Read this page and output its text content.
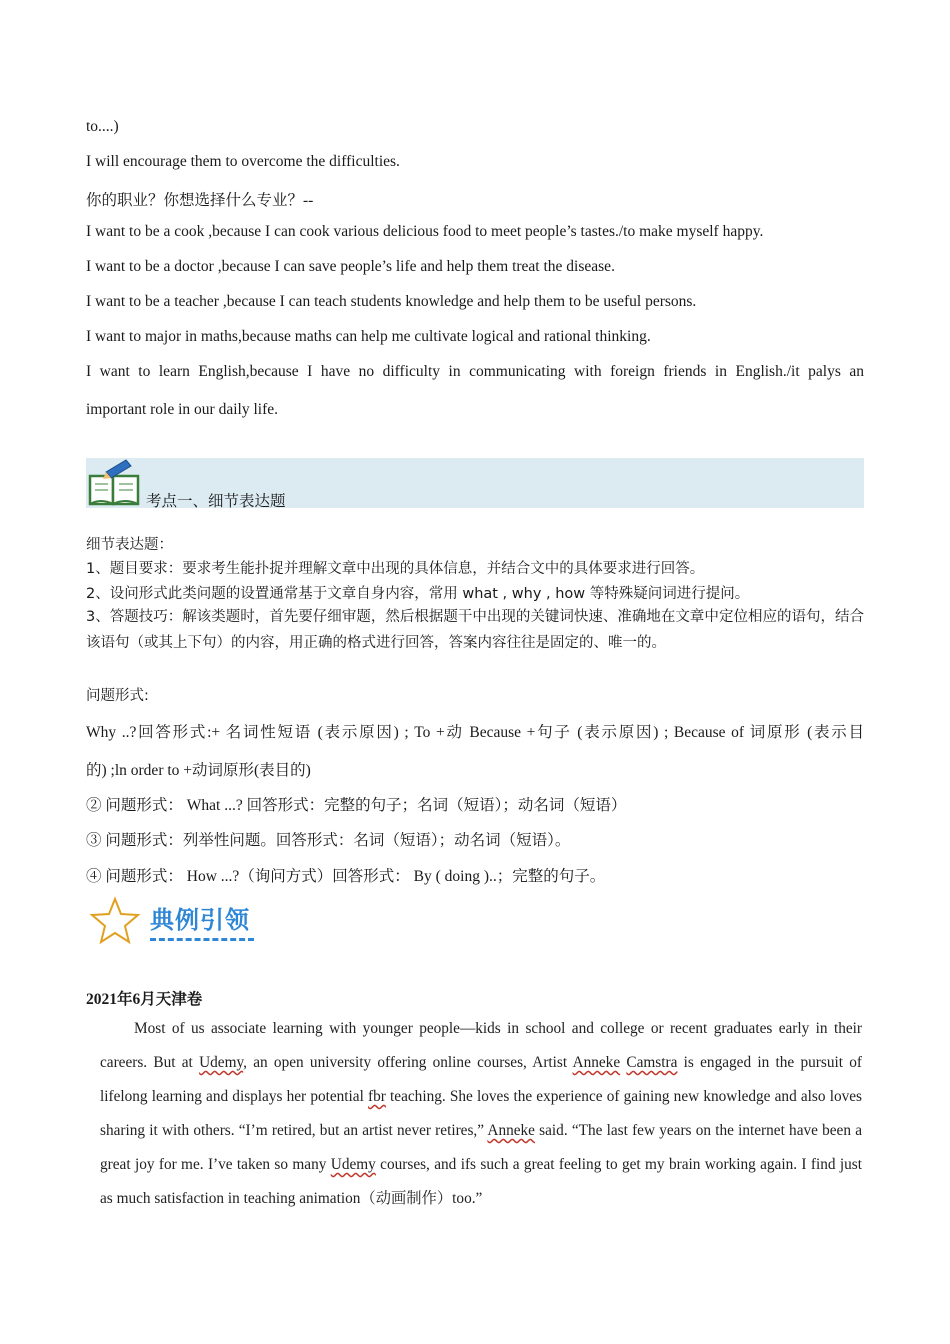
to....)
I will encourage them to overcome the difficulties.
你的职业？你想选择什么专业？--
I want to be a cook ,because I can cook various delicious food to meet people’s tastes./to make myself happy.
I want to be a doctor ,because I can save people’s life and help them treat the disease.
I want to be a teacher ,because I can teach students knowledge and help them to be useful persons.
I want to major in maths,because maths can help me cultivate logical and rational thinking.
I want to learn English,because I have no difficulty in communicating with foreign friends in English./it palys an
important role in our daily life.
考点一、细节表达题
细节表达题：
1、题目要求：要求考生能扑捉并理解文章中出现的具体信息，并结合文中的具体要求进行回答。
2、设问形式此类问题的设置通常基于文章自身内容，常用 what , why , how 等特殊疑问词进行提问。
3、答题技巧：解该类题时，首先要仔细审题，然后根据题干中出现的关键词快速、准确地在文章中定位相应的语句，结合该语句（或其上下句）的内容，用正确的格式进行回答，答案内容往往是固定的、唯一的。
问题形式:
Why ..?回答形式:+ 名词性短语 (表示原因) ; To +动 Because +句子 (表示原因) ; Because of 词原形 (表示目
的) ;ln order to +动词原形(表目的)
② 问题形式： What ...? 回答形式：完整的句子；名词（短语）；动名词（短语）
③ 问题形式：列举性问题。回答形式：名词（短语）；动名词（短语）。
④ 问题形式： How ...?（询问方式）回答形式： By ( doing )..；完整的句子。
典例引领
2021年6月天津卷
Most of us associate learning with younger people—kids in school and college or recent graduates early in their careers. But at Udemy, an open university offering online courses, Artist Anneke Camstra is engaged in the pursuit of lifelong learning and displays her potential fbr teaching. She loves the experience of gaining new knowledge and also loves sharing it with others. “I’m retired, but an artist never retires,” Anneke said. “The last few years on the internet have been a great joy for me. I’ve taken so many Udemy courses, and ifs such a great feeling to get my brain working again. I find just as much satisfaction in teaching animation（动画制作）too.”
